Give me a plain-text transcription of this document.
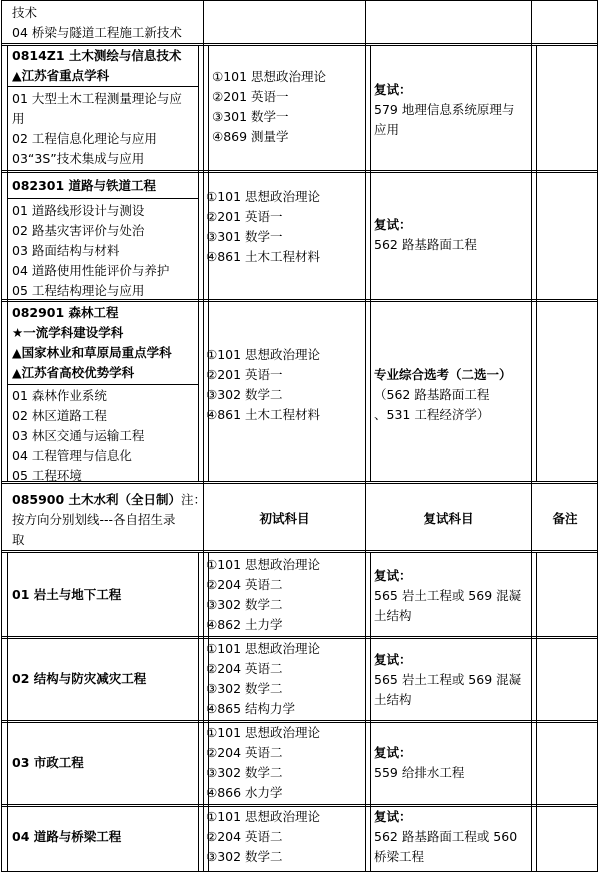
技术
04 桥梁与隧道工程施工新技术
0814Z1 土木测绘与信息技术
▲江苏省重点学科
01 大型土木工程测量理论与应
用
02 工程信息化理论与应用
03“3S”技术集成与应用
①101 思想政治理论
②201 英语一
③301 数学一
④869 测量学
复试：
579 地理信息系统原理与
应用
082301 道路与铁道工程
01 道路线形设计与测设
02 路基灾害评价与处治
03 路面结构与材料
04 道路使用性能评价与养护
05 工程结构理论与应用
①101 思想政治理论
②201 英语一
③301 数学一
④861 土木工程材料
复试：
562 路基路面工程
082901 森林工程
★一流学科建设学科
▲国家林业和草原局重点学科
▲江苏省高校优势学科
01 森林作业系统
02 林区道路工程
03 林区交通与运输工程
04 工程管理与信息化
05 工程环境
①101 思想政治理论
②201 英语一
③302 数学二
④861 土木工程材料
专业综合选考（二选一）
（562 路基路面工程
、531 工程经济学）
085900 土木水利（全日制）注：
按方向分别划线---各自招生录
取
初试科目	复试科目	备注
01 岩土与地下工程
①101 思想政治理论
②204 英语二
③302 数学二
④862 土力学
复试：
565 岩土工程或 569 混凝
土结构
02 结构与防灾减灾工程
①101 思想政治理论
②204 英语二
③302 数学二
④865 结构力学
复试：
565 岩土工程或 569 混凝
土结构
03 市政工程
①101 思想政治理论
②204 英语二
③302 数学二
④866 水力学
复试：
559 给排水工程
04 道路与桥梁工程
①101 思想政治理论
②204 英语二
③302 数学二
复试：
562 路基路面工程或 560
桥梁工程
